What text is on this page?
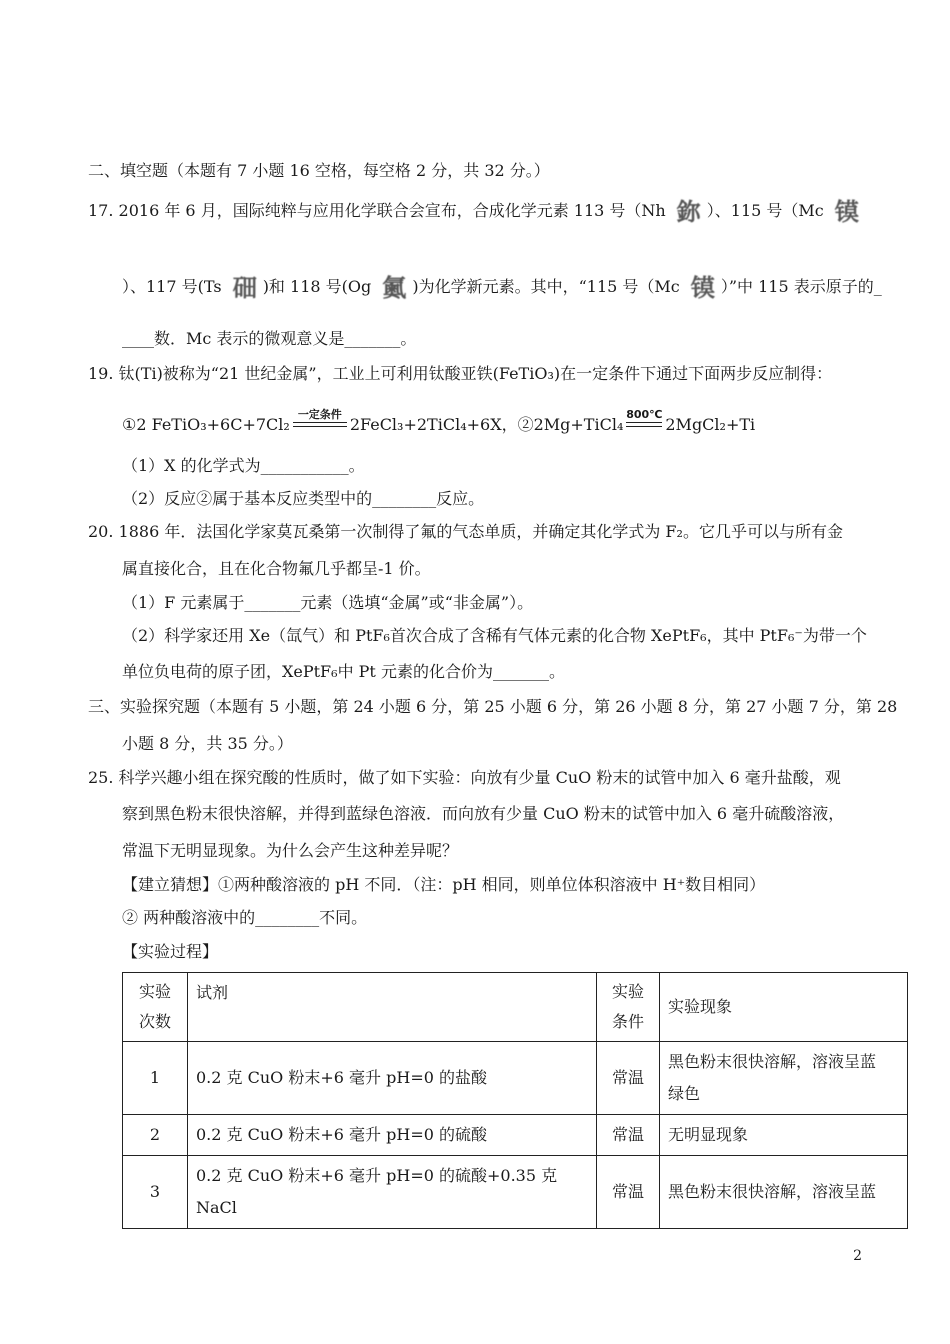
二、填空题（本题有 7 小题 16 空格，每空格 2 分，共 32 分。）
17. 2016 年 6 月，国际纯粹与应用化学联合会宣布，合成化学元素 113 号（Nh 鉨 ）、115 号（Mc 镆
）、117 号(Ts 鿬 )和 118 号(Og 鿫 )为化学新元素。其中，“115 号（Mc 镆 ）”中 115 表示原子的_
____数．Mc 表示的微观意义是_______。
19. 钛(Ti)被称为“21 世纪金属”，工业上可利用钛酸亚铁(FeTiO₃)在一定条件下通过下面两步反应制得：
①2 FeTiO₃+6C+7Cl₂
一定条件
2FeCl₃+2TiCl₄+6X，②2Mg+TiCl₄
800℃
2MgCl₂+Ti
（1）X 的化学式为___________。
（2）反应②属于基本反应类型中的________反应。
20. 1886 年．法国化学家莫瓦桑第一次制得了氟的气态单质，并确定其化学式为 F₂。它几乎可以与所有金
属直接化合，且在化合物氟几乎都呈-1 价。
（1）F 元素属于_______元素（选填“金属”或“非金属”）。
（2）科学家还用 Xe（氙气）和 PtF₆首次合成了含稀有气体元素的化合物 XePtF₆，其中 PtF₆⁻为带一个
单位负电荷的原子团，XePtF₆中 Pt 元素的化合价为_______。
三、实验探究题（本题有 5 小题，第 24 小题 6 分，第 25 小题 6 分，第 26 小题 8 分，第 27 小题 7 分，第 28
小题 8 分，共 35 分。）
25. 科学兴趣小组在探究酸的性质时，做了如下实验：向放有少量 CuO 粉末的试管中加入 6 毫升盐酸，观
察到黑色粉末很快溶解，并得到蓝绿色溶液．而向放有少量 CuO 粉末的试管中加入 6 毫升硫酸溶液，
常温下无明显现象。为什么会产生这种差异呢？
【建立猜想】①两种酸溶液的 pH 不同．（注：pH 相同，则单位体积溶液中 H⁺数目相同）
② 两种酸溶液中的________不同。
【实验过程】
实验
次数	试剂	实验
条件	实验现象
1	0.2 克 CuO 粉末+6 毫升 pH=0 的盐酸	常温	黑色粉末很快溶解，溶液呈蓝
绿色
2	0.2 克 CuO 粉末+6 毫升 pH=0 的硫酸	常温	无明显现象
3	0.2 克 CuO 粉末+6 毫升 pH=0 的硫酸+0.35 克 NaCl	常温	黑色粉末很快溶解，溶液呈蓝
2
